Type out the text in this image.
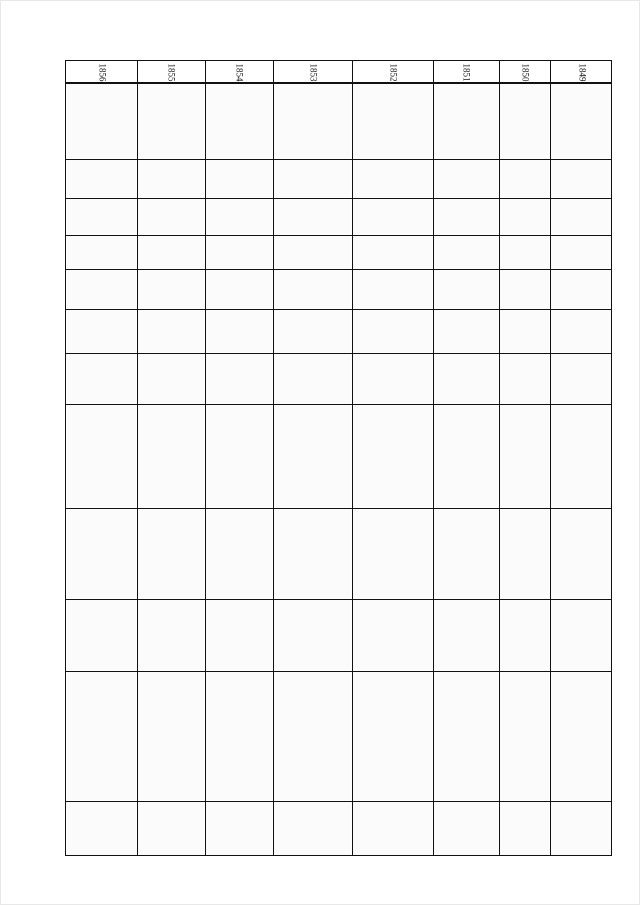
1856	1855	1854	1853	1852	1851	1850	1849
